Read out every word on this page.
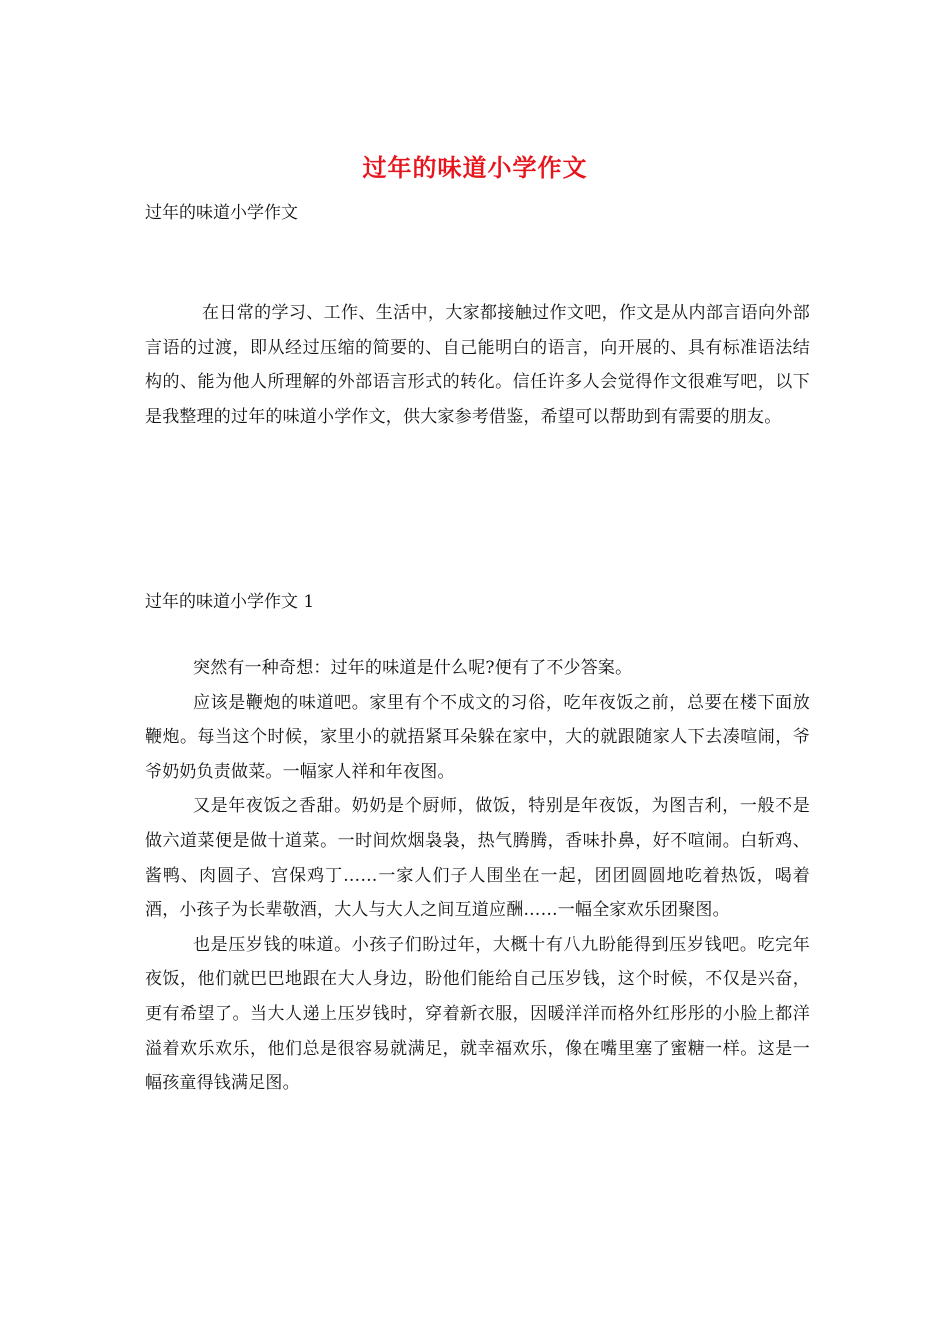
过年的味道小学作文
过年的味道小学作文

在日常的学习、工作、生活中，大家都接触过作文吧，作文是从内部言语向外部言语的过渡，即从经过压缩的简要的、自己能明白的语言，向开展的、具有标准语法结构的、能为他人所理解的外部语言形式的转化。信任许多人会觉得作文很难写吧，以下是我整理的过年的味道小学作文，供大家参考借鉴，希望可以帮助到有需要的朋友。

过年的味道小学作文 1

突然有一种奇想：过年的味道是什么呢?便有了不少答案。

应该是鞭炮的味道吧。家里有个不成文的习俗，吃年夜饭之前，总要在楼下面放鞭炮。每当这个时候，家里小的就捂紧耳朵躲在家中，大的就跟随家人下去凑喧闹，爷爷奶奶负责做菜。一幅家人祥和年夜图。

又是年夜饭之香甜。奶奶是个厨师，做饭，特别是年夜饭，为图吉利，一般不是做六道菜便是做十道菜。一时间炊烟袅袅，热气腾腾，香味扑鼻，好不喧闹。白斩鸡、酱鸭、肉圆子、宫保鸡丁……一家人们子人围坐在一起，团团圆圆地吃着热饭，喝着酒，小孩子为长辈敬酒，大人与大人之间互道应酬……一幅全家欢乐团聚图。

也是压岁钱的味道。小孩子们盼过年，大概十有八九盼能得到压岁钱吧。吃完年夜饭，他们就巴巴地跟在大人身边，盼他们能给自己压岁钱，这个时候，不仅是兴奋，更有希望了。当大人递上压岁钱时，穿着新衣服，因暖洋洋而格外红彤彤的小脸上都洋溢着欢乐欢乐，他们总是很容易就满足，就幸福欢乐，像在嘴里塞了蜜糖一样。这是一幅孩童得钱满足图。
